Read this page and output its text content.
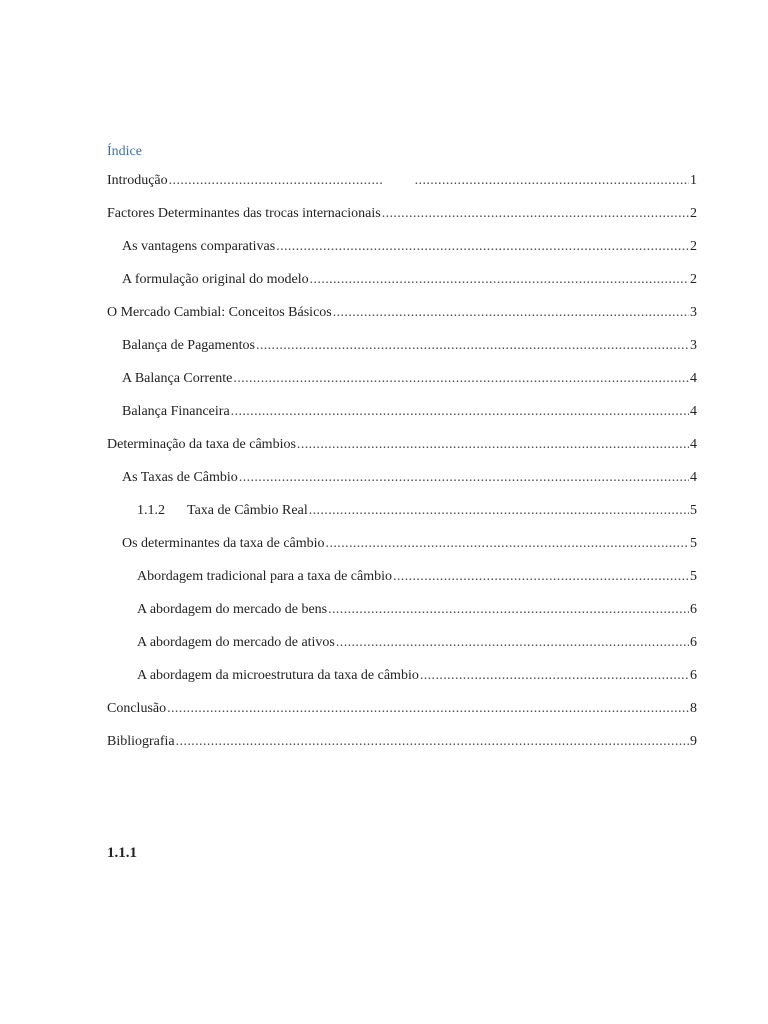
Índice
Introdução ..... .....	1
Factores Determinantes das trocas internacionais .....	2
As vantagens comparativas .....	2
A formulação original do modelo .....	2
O Mercado Cambial: Conceitos Básicos .....	3
Balança de Pagamentos .....	3
A Balança Corrente .....	4
Balança Financeira .....	4
Determinação da taxa de câmbios .....	4
As Taxas de Câmbio .....	4
1.1.2 Taxa de Câmbio Real .....	5
Os determinantes da taxa de câmbio .....	5
Abordagem tradicional para a taxa de câmbio .....	5
A abordagem do mercado de bens .....	6
A abordagem do mercado de ativos .....	6
A abordagem da microestrutura da taxa de câmbio .....	6
Conclusão .....	8
Bibliografia .....	9
1.1.1
